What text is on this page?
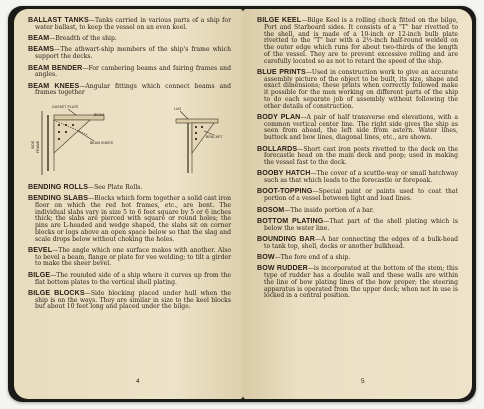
BALLAST TANKS—Tanks carried in various parts of a ship for water ballast, to keep the vessel on an even keel.

BEAM—Breadth of the ship.

BEAMS—The athwart-ship members of the ship's frame which support the decks.

BEAM BENDER—For cambering beams and fairing frames and angles.

BEAM KNEES—Angular fittings which connect beams and frames together

GUSSET PLATE
BEAM
FRAME
SIDE	BEAM KNEES
LUG
BRACKET

BENDING ROLLS—See Plate Rolls.

BENDING SLABS—Blocks which form together a solid cast iron floor on which the red hot frames, etc., are bent. The individual slabs vary in size 5 to 6 feet square by 5 or 6 inches thick; the slabs are pierced with square or round holes; the pins are L-headed and wedge shaped, the slabs sit on corner blocks or logs above an open space below so that the slag and scale drops below without choking the holes.

BEVEL—The angle which one surface makes with another. Also to bevel a beam, flange or plate for vee welding; to tilt a girder to make the sheer bevel.

BILGE—The rounded side of a ship where it curves up from the flat bottom plates to the vertical shell plating.

BILGE BLOCKS—Side blocking placed under hull when the ship is on the ways. They are similar in size to the keel blocks but about 10 feet long and placed under the bilge.

4

BILGE KEEL—Bilge Keel is a rolling chock fitted on the bilge, Port and Starboard sides. It consists of a "T" bar rivetted to the shell, and is made of a 10-inch or 12-inch bulb plate rivetted to the "T" bar with a 2½-inch half-round welded on the outer edge which runs for about two-thirds of the length of the vessel. They are to prevent excessive rolling and are carefully located so as not to retard the speed of the ship.

BLUE PRINTS—Used in construction work to give an accurate assembly picture of the object to be built, its size, shape and exact dimensions; these prints when correctly followed make it possible for the men working on different parts of the ship to do each separate job of assembly without following the other details of construction.

BODY PLAN—A pair of half transverse end elevations, with a common vertical center line. The right side gives the ship as seen from ahead, the left side from astern. Water lines, buttock and bow lines, diagonal lines, etc., are shown.

BOLLARDS—Short cast iron posts rivetted to the deck on the forecastle head on the main deck and poop; used in making the vessel fast to the dock.

BOOBY HATCH—The cover of a scuttle-way or small hatchway such as that which leads to the forecastle or forepeak.

BOOT-TOPPING—Special paint or paints used to coat that portion of a vessel between light and load lines.

BOSOM—The inside portion of a bar.

BOTTOM PLATING—That part of the shell plating which is below the water line.

BOUNDING BAR—A bar connecting the edges of a bulk-head to tank top, shell, decks or another bulkhead.

BOW—The fore end of a ship.

BOW RUDDER—is incorporated at the bottom of the stem; this type of rudder has a double wall and these walls are within the line of bow plating lines of the bow proper; the steering apparatus is operated from the upper deck; when not in use is locked in a central position.

5
